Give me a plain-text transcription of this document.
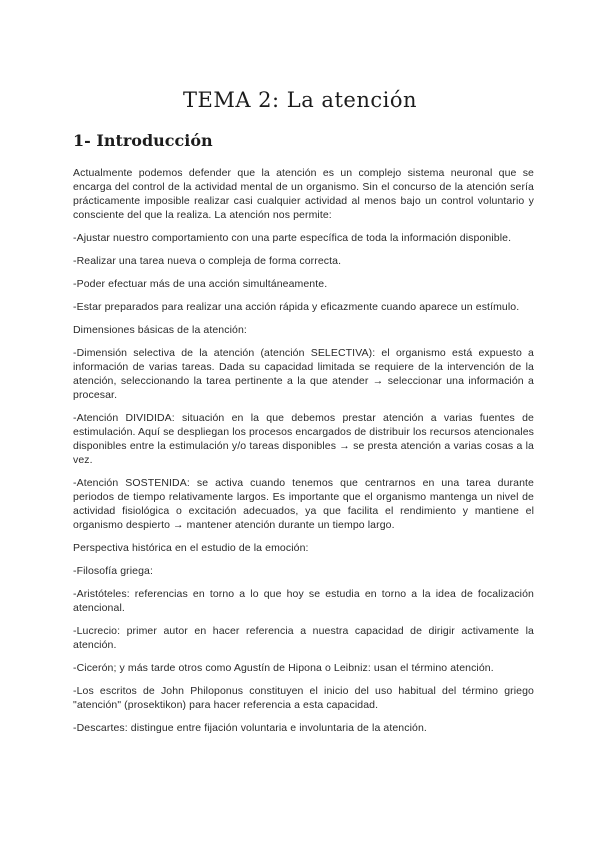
TEMA 2: La atención
1- Introducción

Actualmente podemos defender que la atención es un complejo sistema neuronal que se encarga del control de la actividad mental de un organismo. Sin el concurso de la atención sería prácticamente imposible realizar casi cualquier actividad al menos bajo un control voluntario y consciente del que la realiza. La atención nos permite:

-Ajustar nuestro comportamiento con una parte específica de toda la información disponible.

-Realizar una tarea nueva o compleja de forma correcta.

-Poder efectuar más de una acción simultáneamente.

-Estar preparados para realizar una acción rápida y eficazmente cuando aparece un estímulo.

Dimensiones básicas de la atención:

-Dimensión selectiva de la atención (atención SELECTIVA): el organismo está expuesto a información de varias tareas. Dada su capacidad limitada se requiere de la intervención de la atención, seleccionando la tarea pertinente a la que atender → seleccionar una información a procesar.

-Atención DIVIDIDA: situación en la que debemos prestar atención a varias fuentes de estimulación. Aquí se despliegan los procesos encargados de distribuir los recursos atencionales disponibles entre la estimulación y/o tareas disponibles → se presta atención a varias cosas a la vez.

-Atención SOSTENIDA: se activa cuando tenemos que centrarnos en una tarea durante periodos de tiempo relativamente largos. Es importante que el organismo mantenga un nivel de actividad fisiológica o excitación adecuados, ya que facilita el rendimiento y mantiene el organismo despierto → mantener atención durante un tiempo largo.

Perspectiva histórica en el estudio de la emoción:

-Filosofía griega:

-Aristóteles: referencias en torno a lo que hoy se estudia en torno a la idea de focalización atencional.

-Lucrecio: primer autor en hacer referencia a nuestra capacidad de dirigir activamente la atención.

-Cicerón; y más tarde otros como Agustín de Hipona o Leibniz: usan el término atención.

-Los escritos de John Philoponus constituyen el inicio del uso habitual del término griego "atención" (prosektikon) para hacer referencia a esta capacidad.

-Descartes: distingue entre fijación voluntaria e involuntaria de la atención.
